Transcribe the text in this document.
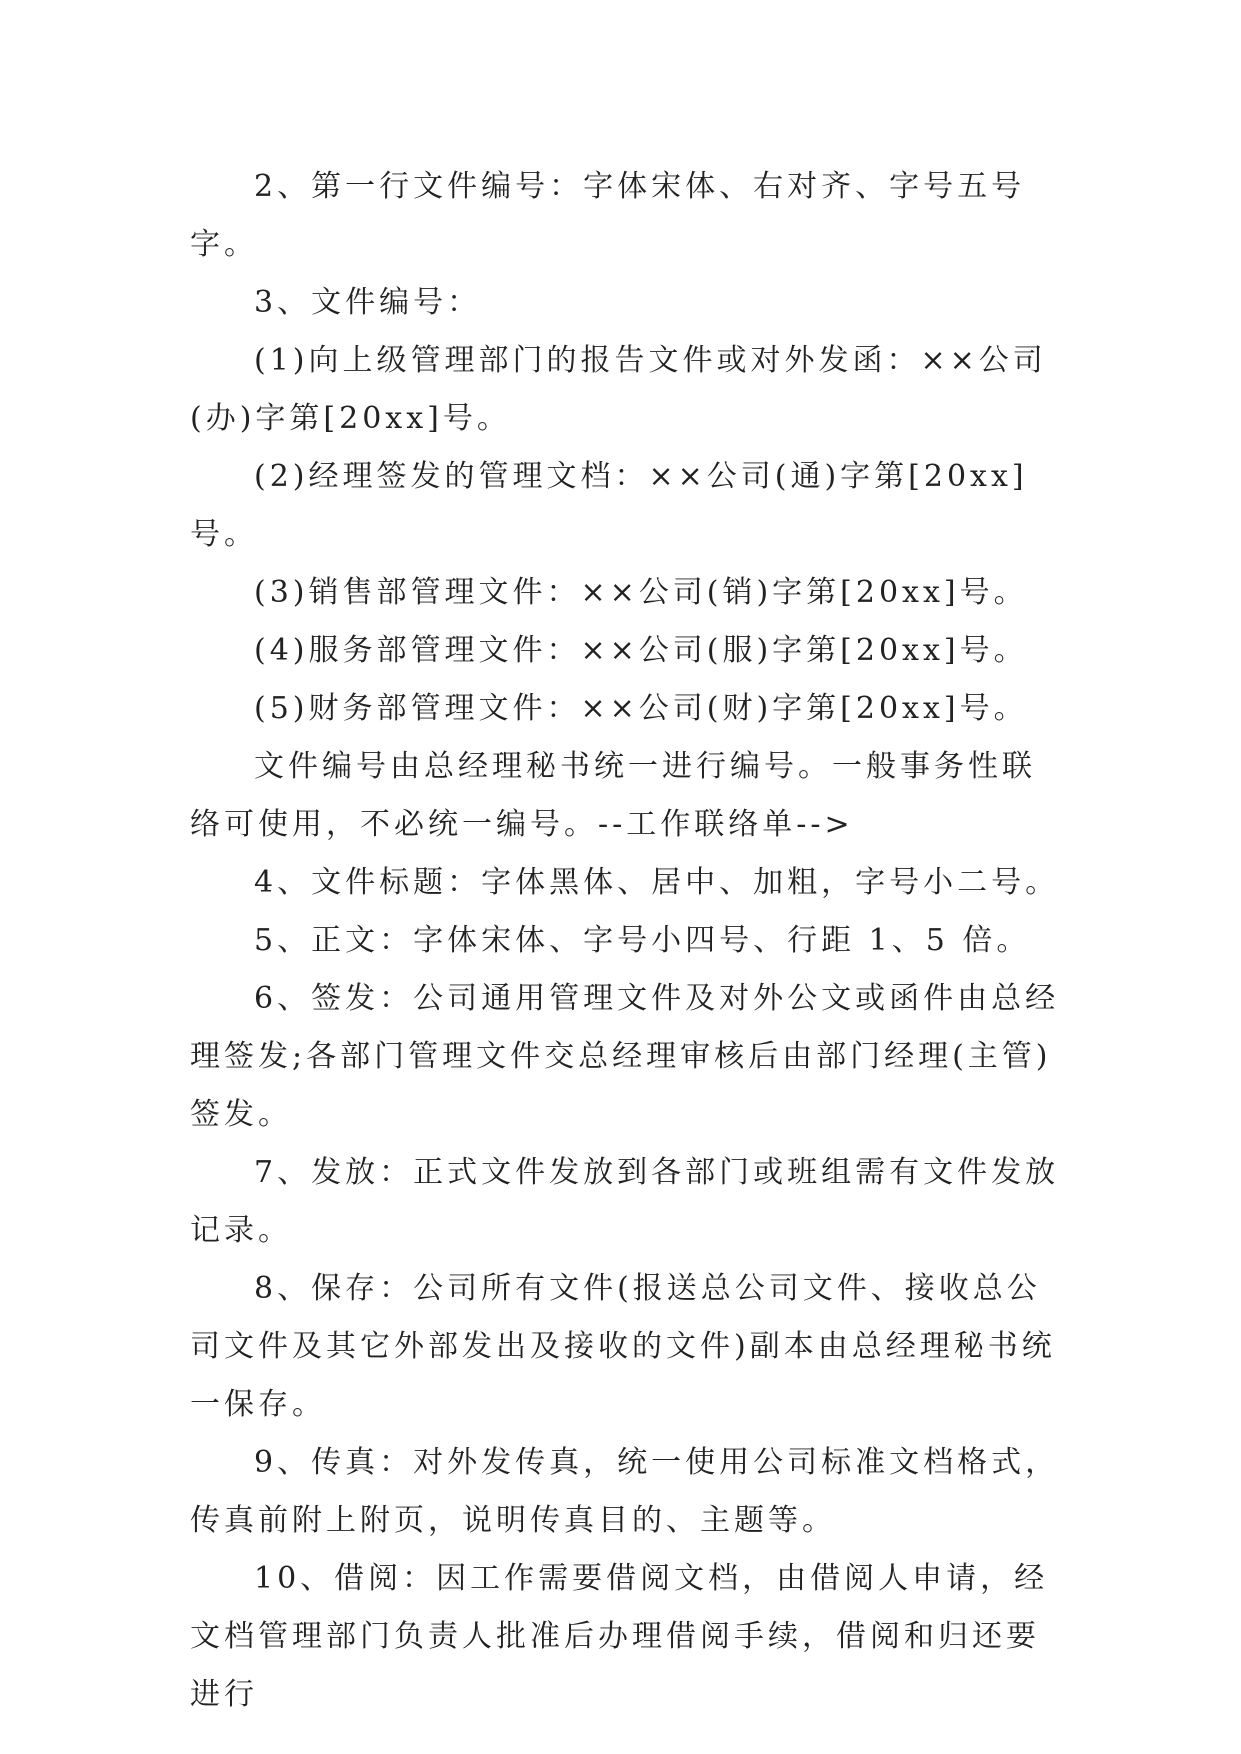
2、第一行文件编号：字体宋体、右对齐、字号五号字。

3、文件编号：

(1)向上级管理部门的报告文件或对外发函：××公司(办)字第[20xx]号。

(2)经理签发的管理文档：××公司(通)字第[20xx]号。

(3)销售部管理文件：××公司(销)字第[20xx]号。

(4)服务部管理文件：××公司(服)字第[20xx]号。

(5)财务部管理文件：××公司(财)字第[20xx]号。

文件编号由总经理秘书统一进行编号。一般事务性联络可使用，不必统一编号。--工作联络单-->

4、文件标题：字体黑体、居中、加粗，字号小二号。

5、正文：字体宋体、字号小四号、行距 1、5 倍。

6、签发：公司通用管理文件及对外公文或函件由总经理签发;各部门管理文件交总经理审核后由部门经理(主管)签发。

7、发放：正式文件发放到各部门或班组需有文件发放记录。

8、保存：公司所有文件(报送总公司文件、接收总公司文件及其它外部发出及接收的文件)副本由总经理秘书统一保存。

9、传真：对外发传真，统一使用公司标准文档格式，传真前附上附页，说明传真目的、主题等。

10、借阅：因工作需要借阅文档，由借阅人申请，经文档管理部门负责人批准后办理借阅手续，借阅和归还要进行
